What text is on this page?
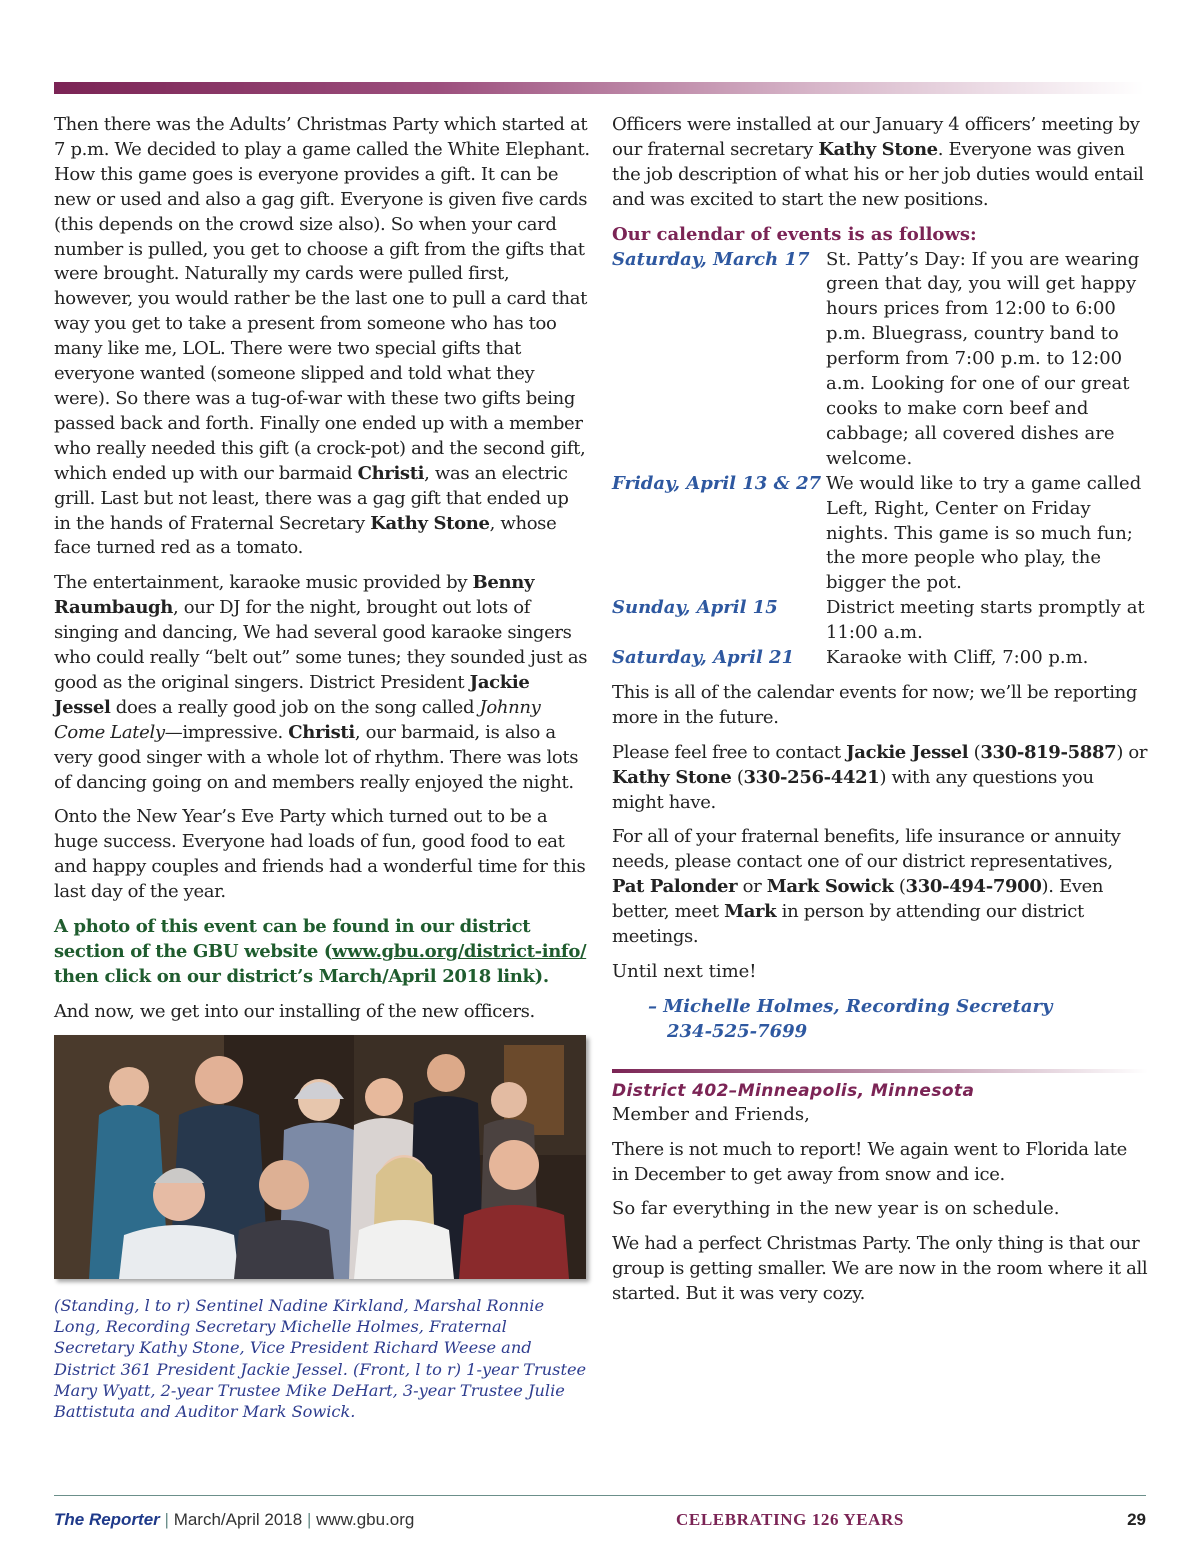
Then there was the Adults’ Christmas Party which started at 7 p.m. We decided to play a game called the White Elephant. How this game goes is everyone provides a gift. It can be new or used and also a gag gift. Everyone is given five cards (this depends on the crowd size also). So when your card number is pulled, you get to choose a gift from the gifts that were brought. Naturally my cards were pulled first, however, you would rather be the last one to pull a card that way you get to take a present from someone who has too many like me, LOL. There were two special gifts that everyone wanted (someone slipped and told what they were). So there was a tug-of-war with these two gifts being passed back and forth. Finally one ended up with a member who really needed this gift (a crock-pot) and the second gift, which ended up with our barmaid Christi, was an electric grill. Last but not least, there was a gag gift that ended up in the hands of Fraternal Secretary Kathy Stone, whose face turned red as a tomato.

The entertainment, karaoke music provided by Benny Raumbaugh, our DJ for the night, brought out lots of singing and dancing, We had several good karaoke singers who could really “belt out” some tunes; they sounded just as good as the original singers. District President Jackie Jessel does a really good job on the song called Johnny Come Lately—impressive. Christi, our barmaid, is also a very good singer with a whole lot of rhythm. There was lots of dancing going on and members really enjoyed the night.

Onto the New Year’s Eve Party which turned out to be a huge success. Everyone had loads of fun, good food to eat and happy couples and friends had a wonderful time for this last day of the year.

A photo of this event can be found in our district section of the GBU website (www.gbu.org/district-info/ then click on our district’s March/April 2018 link).

And now, we get into our installing of the new officers.

(Standing, l to r) Sentinel Nadine Kirkland, Marshal Ronnie Long, Recording Secretary Michelle Holmes, Fraternal Secretary Kathy Stone, Vice President Richard Weese and District 361 President Jackie Jessel. (Front, l to r) 1-year Trustee Mary Wyatt, 2-year Trustee Mike DeHart, 3-year Trustee Julie Battistuta and Auditor Mark Sowick.

Officers were installed at our January 4 officers’ meeting by our fraternal secretary Kathy Stone. Everyone was given the job description of what his or her job duties would entail and was excited to start the new positions.

Our calendar of events is as follows:

Saturday, March 17	St. Patty’s Day: If you are wearing green that day, you will get happy hours prices from 12:00 to 6:00 p.m. Bluegrass, country band to perform from 7:00 p.m. to 12:00 a.m. Looking for one of our great cooks to make corn beef and cabbage; all covered dishes are welcome.
Friday, April 13 & 27	We would like to try a game called Left, Right, Center on Friday nights. This game is so much fun; the more people who play, the bigger the pot.
Sunday, April 15	District meeting starts promptly at 11:00 a.m.
Saturday, April 21	Karaoke with Cliff, 7:00 p.m.

This is all of the calendar events for now; we’ll be reporting more in the future.

Please feel free to contact Jackie Jessel (330-819-5887) or Kathy Stone (330-256-4421) with any questions you might have.

For all of your fraternal benefits, life insurance or annuity needs, please contact one of our district representatives, Pat Palonder or Mark Sowick (330-494-7900). Even better, meet Mark in person by attending our district meetings.

Until next time!

– Michelle Holmes, Recording Secretary
234-525-7699

District 402–Minneapolis, Minnesota

Member and Friends,

There is not much to report! We again went to Florida late in December to get away from snow and ice.

So far everything in the new year is on schedule.

We had a perfect Christmas Party. The only thing is that our group is getting smaller. We are now in the room where it all started. But it was very cozy.

The Reporter | March/April 2018 | www.gbu.org	CELEBRATING 126 YEARS	29
